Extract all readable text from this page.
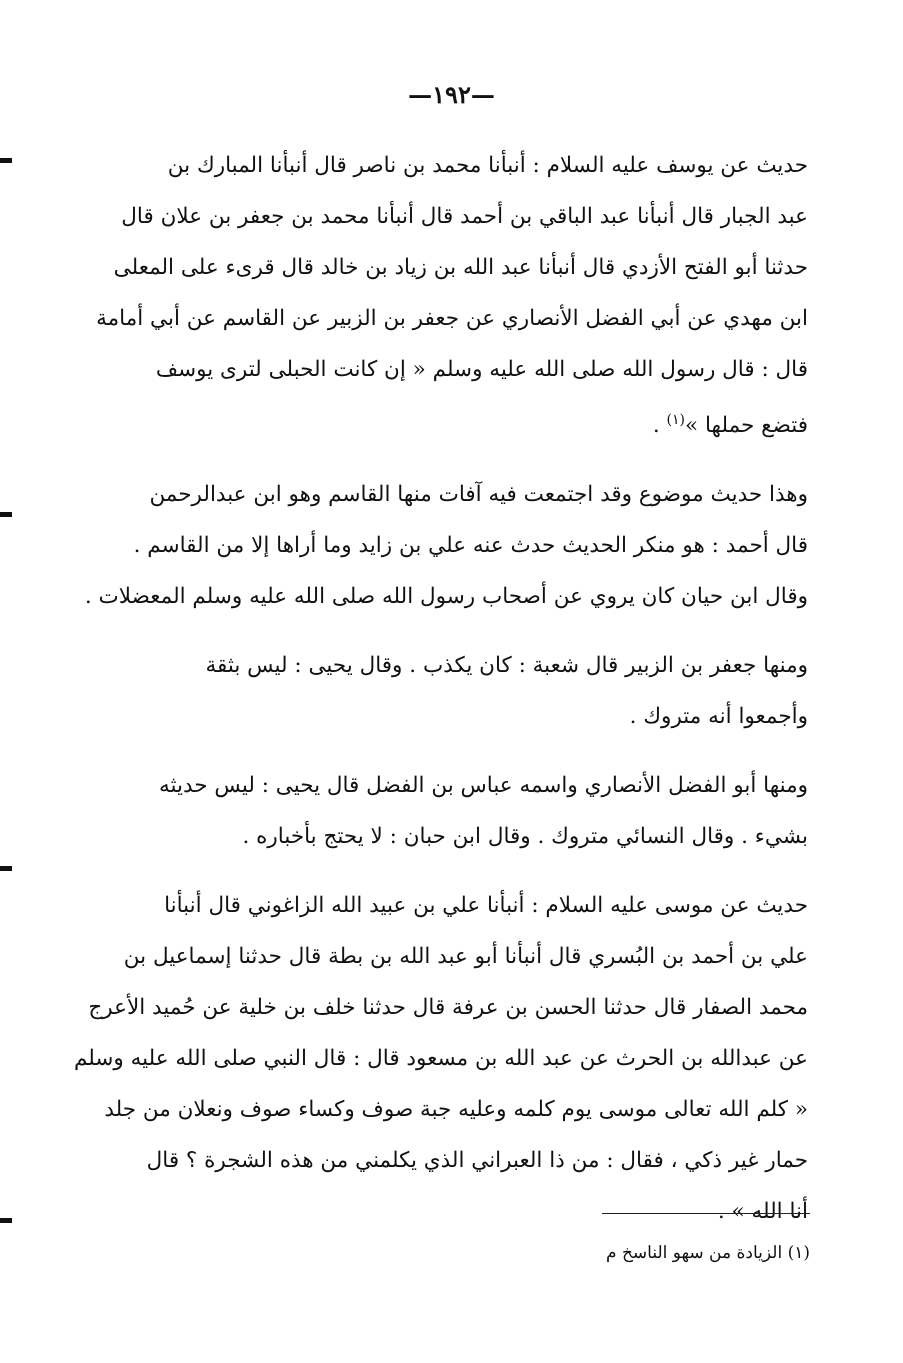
—١٩٢—

حديث عن يوسف عليه السلام : أنبأنا محمد بن ناصر قال أنبأنا المبارك بن
عبد الجبار قال أنبأنا عبد الباقي بن أحمد قال أنبأنا محمد بن جعفر بن علان قال
حدثنا أبو الفتح الأزدي قال أنبأنا عبد الله بن زياد بن خالد قال قرىء على المعلى
ابن مهدي عن أبي الفضل الأنصاري عن جعفر بن الزبير عن القاسم عن أبي أمامة
قال : قال رسول الله صلى الله عليه وسلم « إن كانت الحبلى لترى يوسف
فتضع حملها »$^{(١)}$ .

وهذا حديث موضوع وقد اجتمعت فيه آفات منها القاسم وهو ابن عبدالرحمن
قال أحمد : هو منكر الحديث حدث عنه علي بن زايد وما أراها إلا من القاسم .
وقال ابن حيان كان يروي عن أصحاب رسول الله صلى الله عليه وسلم المعضلات .

ومنها جعفر بن الزبير قال شعبة : كان يكذب . وقال يحيى : ليس بثقة
وأجمعوا أنه متروك .

ومنها أبو الفضل الأنصاري واسمه عباس بن الفضل قال يحيى : ليس حديثه
بشيء . وقال النسائي متروك . وقال ابن حبان : لا يحتج بأخباره .

حديث عن موسى عليه السلام : أنبأنا علي بن عبيد الله الزاغوني قال أنبأنا
علي بن أحمد بن البُسري قال أنبأنا أبو عبد الله بن بطة قال حدثنا إسماعيل بن
محمد الصفار قال حدثنا الحسن بن عرفة قال حدثنا خلف بن خلية عن حُميد الأعرج
عن عبدالله بن الحرث عن عبد الله بن مسعود قال : قال النبي صلى الله عليه وسلم
« كلم الله تعالى موسى يوم كلمه وعليه جبة صوف وكساء صوف ونعلان من جلد
حمار غير ذكي ، فقال : من ذا العبراني الذي يكلمني من هذه الشجرة ؟ قال
أنا الله » .

(١) الزيادة من سهو الناسخ م
